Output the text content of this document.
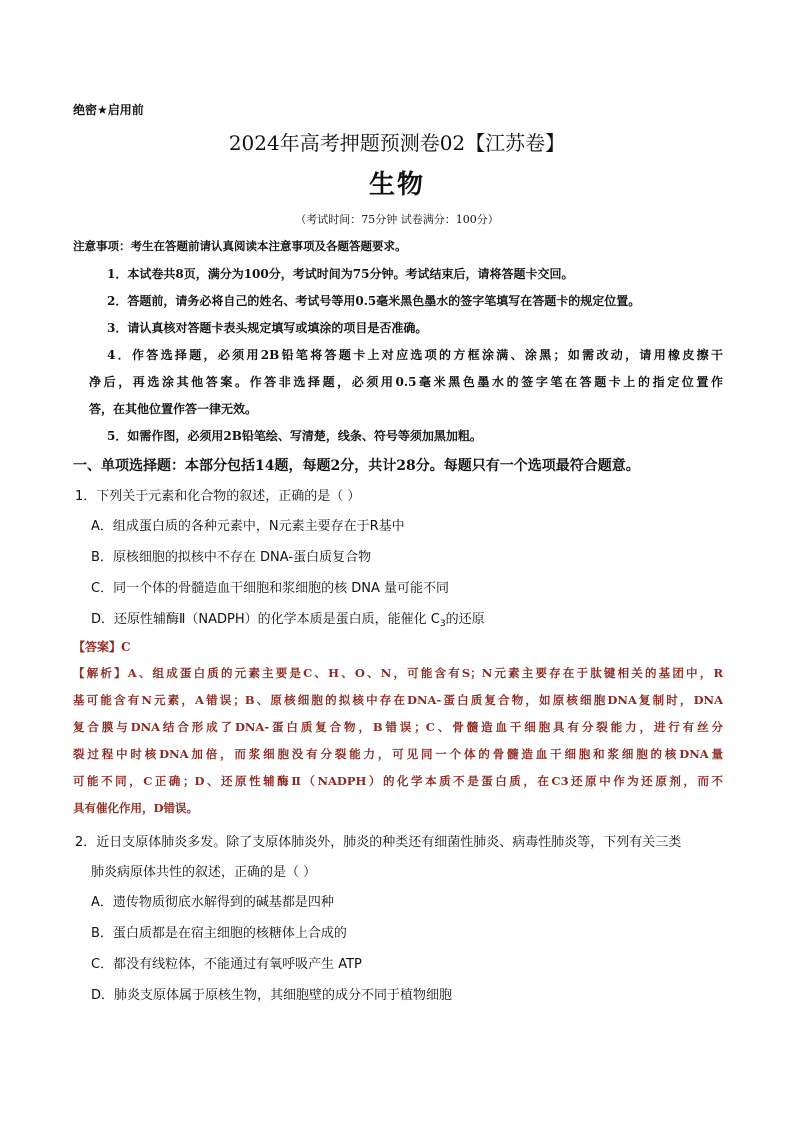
绝密★启用前
2024年高考押题预测卷02【江苏卷】
生物
（考试时间：75分钟 试卷满分：100分）
注意事项：考生在答题前请认真阅读本注意事项及各题答题要求。
1．本试卷共8页，满分为100分，考试时间为75分钟。考试结束后，请将答题卡交回。
2．答题前，请务必将自己的姓名、考试号等用0.5毫米黑色墨水的签字笔填写在答题卡的规定位置。
3．请认真核对答题卡表头规定填写或填涂的项目是否准确。
4．作答选择题，必须用2B铅笔将答题卡上对应选项的方框涂满、涂黑；如需改动，请用橡皮擦干
净后，再选涂其他答案。作答非选择题，必须用0.5毫米黑色墨水的签字笔在答题卡上的指定位置作
答，在其他位置作答一律无效。
5．如需作图，必须用2B铅笔绘、写清楚，线条、符号等须加黑加粗。
一、单项选择题：本部分包括14题，每题2分，共计28分。每题只有一个选项最符合题意。
1．下列关于元素和化合物的叙述，正确的是（ ）
A．组成蛋白质的各种元素中，N元素主要存在于R基中
B．原核细胞的拟核中不存在 DNA-蛋白质复合物
C．同一个体的骨髓造血干细胞和浆细胞的核 DNA 量可能不同
D．还原性辅酶Ⅱ（NADPH）的化学本质是蛋白质，能催化 $C_3$的还原
【答案】C
【解析】A、组成蛋白质的元素主要是C、H、O、N，可能含有S；N元素主要存在于肽键相关的基团中，R
基可能含有N元素，A错误；B、原核细胞的拟核中存在DNA-蛋白质复合物，如原核细胞DNA复制时，DNA
复合膜与DNA结合形成了DNA-蛋白质复合物，B错误；C、骨髓造血干细胞具有分裂能力，进行有丝分
裂过程中时核DNA加倍，而浆细胞没有分裂能力，可见同一个体的骨髓造血干细胞和浆细胞的核DNA量
可能不同，C正确；D、还原性辅酶Ⅱ（NADPH）的化学本质不是蛋白质，在C3还原中作为还原剂，而不
具有催化作用，D错误。
2．近日支原体肺炎多发。除了支原体肺炎外，肺炎的种类还有细菌性肺炎、病毒性肺炎等，下列有关三类
肺炎病原体共性的叙述，正确的是（ ）
A．遗传物质彻底水解得到的碱基都是四种
B．蛋白质都是在宿主细胞的核糖体上合成的
C．都没有线粒体，不能通过有氧呼吸产生 ATP
D．肺炎支原体属于原核生物，其细胞壁的成分不同于植物细胞
